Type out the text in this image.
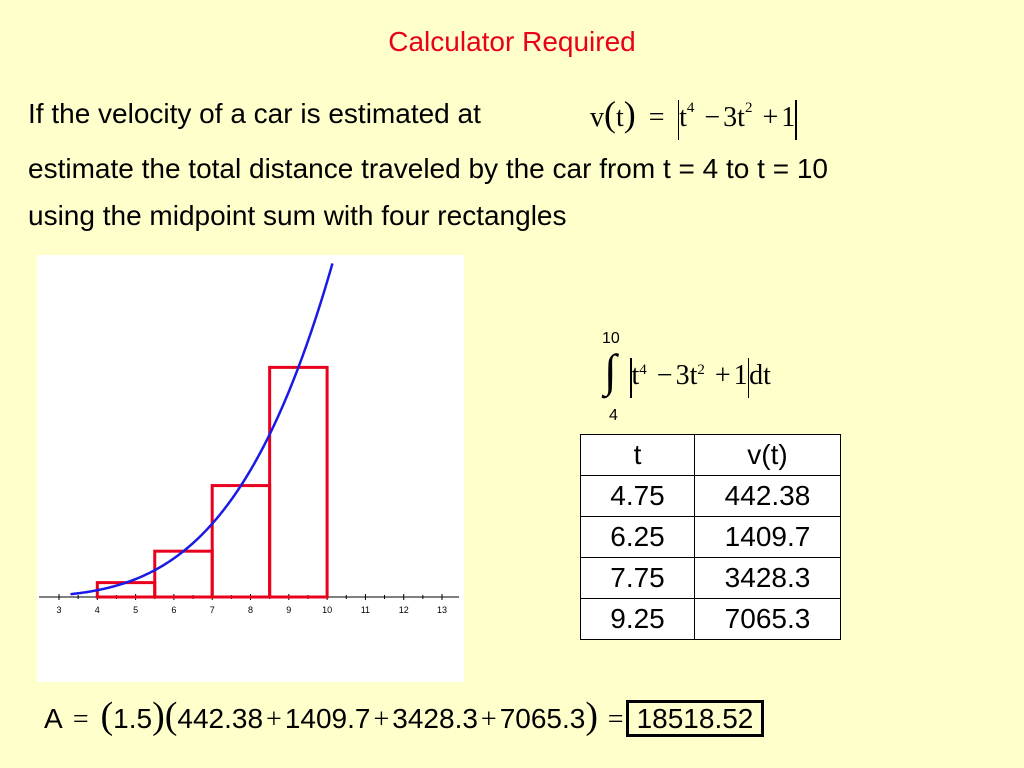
Calculator Required
If the velocity of a car is estimated at	$v(t) = t^4 - 3t^2 + 1$
estimate the total distance traveled by the car from t = 4 to t = 10
using the midpoint sum with four rectangles
3	4	5	6	7	8	9	10	11	12	13
10
∫
4
$t^4 - 3t^2 + 1dt$
t	v(t)
4.75	442.38
6.25	1409.7
7.75	3428.3
9.25	7065.3
A = (1.5)(442.38 + 1409.7 + 3428.3 + 7065.3) = 18518.52
